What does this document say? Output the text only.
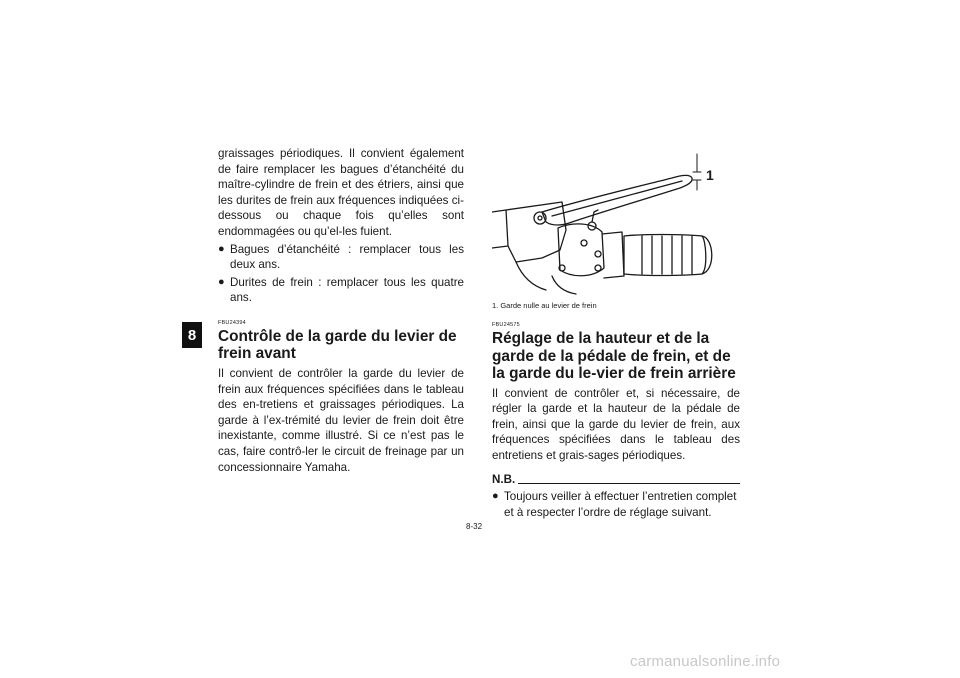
8

graissages périodiques. Il convient également de faire remplacer les bagues d’étanchéité du maître-cylindre de frein et des étriers, ainsi que les durites de frein aux fréquences indiquées ci-dessous ou chaque fois qu’elles sont endommagées ou qu’el-les fuient.

● Bagues d’étanchéité : remplacer tous les deux ans.
● Durites de frein : remplacer tous les quatre ans.
FBU24394
Contrôle de la garde du levier de frein avant

Il convient de contrôler la garde du levier de frein aux fréquences spécifiées dans le tableau des en-tretiens et graissages périodiques. La garde à l’ex-trémité du levier de frein doit être inexistante, comme illustré. Si ce n’est pas le cas, faire contrô-ler le circuit de freinage par un concessionnaire Yamaha.

1
1. Garde nulle au levier de frein
FBU24575
Réglage de la hauteur et de la garde de la pédale de frein, et de la garde du le-vier de frein arrière

Il convient de contrôler et, si nécessaire, de régler la garde et la hauteur de la pédale de frein, ainsi que la garde du levier de frein, aux fréquences spécifiées dans le tableau des entretiens et grais-sages périodiques.

N.B.
● Toujours veiller à effectuer l’entretien complet et à respecter l’ordre de réglage suivant.
8-32
carmanualsonline.info
